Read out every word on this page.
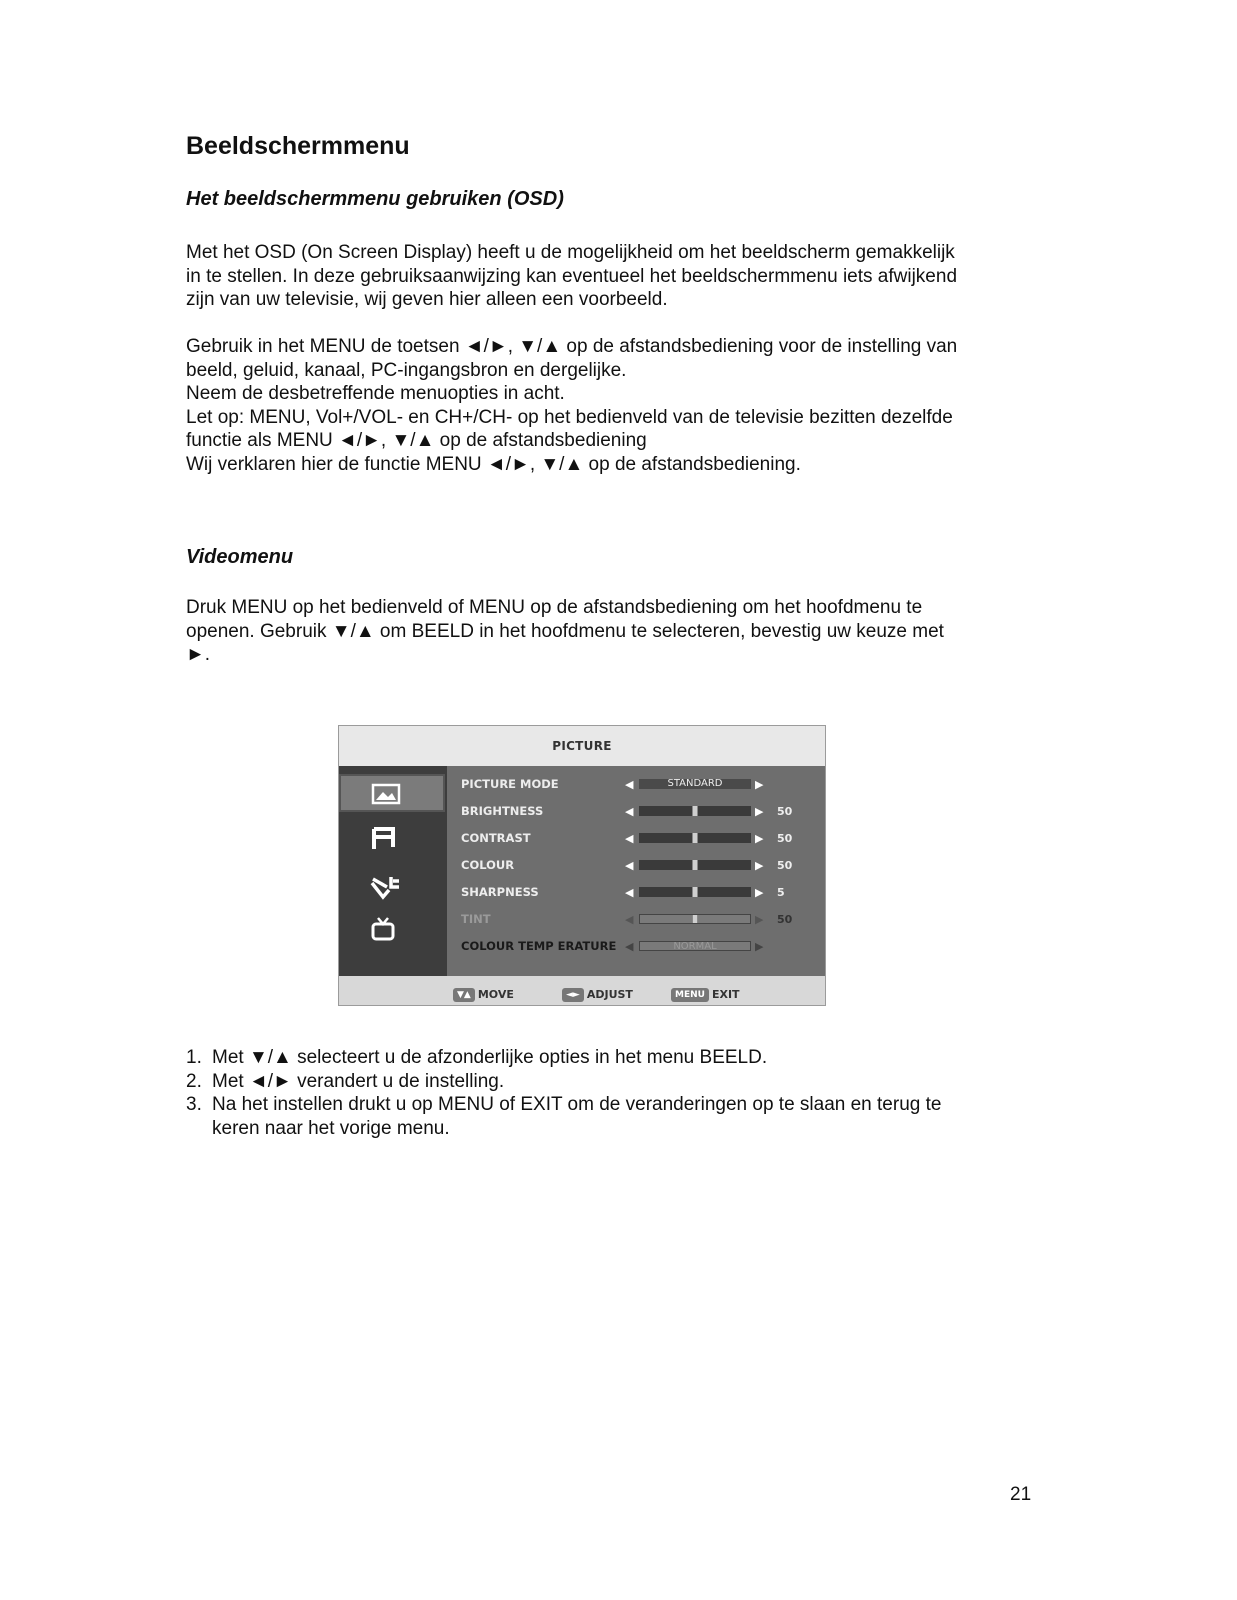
Beeldschermmenu
Het beeldschermmenu gebruiken (OSD)

Met het OSD (On Screen Display) heeft u de mogelijkheid om het beeldscherm gemakkelijk
in te stellen. In deze gebruiksaanwijzing kan eventueel het beeldschermmenu iets afwijkend
zijn van uw televisie, wij geven hier alleen een voorbeeld.

Gebruik in het MENU de toetsen ◄/►, ▼/▲ op de afstandsbediening voor de instelling van
beeld, geluid, kanaal, PC-ingangsbron en dergelijke.
Neem de desbetreffende menuopties in acht.
Let op: MENU, Vol+/VOL- en CH+/CH- op het bedienveld van de televisie bezitten dezelfde
functie als MENU ◄/►, ▼/▲ op de afstandsbediening
Wij verklaren hier de functie MENU ◄/►, ▼/▲ op de afstandsbediening.

Videomenu

Druk MENU op het bedienveld of MENU op de afstandsbediening om het hoofdmenu te
openen. Gebruik ▼/▲ om BEELD in het hoofdmenu te selecteren, bevestig uw keuze met
►.

PICTURE
PICTURE MODE	◀	STANDARD	▶
BRIGHTNESS	◀	▶ 50
CONTRAST	◀	▶ 50
COLOUR	◀	▶ 50
SHARPNESS	◀	▶ 5
TINT	◀	▶ 50
COLOUR TEMP ERATURE ◀	NORMAL	▶
▼▲ MOVE	◄► ADJUST	MENU EXIT
1. Met ▼/▲ selecteert u de afzonderlijke opties in het menu BEELD.
2. Met ◄/► verandert u de instelling.
3. Na het instellen drukt u op MENU of EXIT om de veranderingen op te slaan en terug te
keren naar het vorige menu.
21
